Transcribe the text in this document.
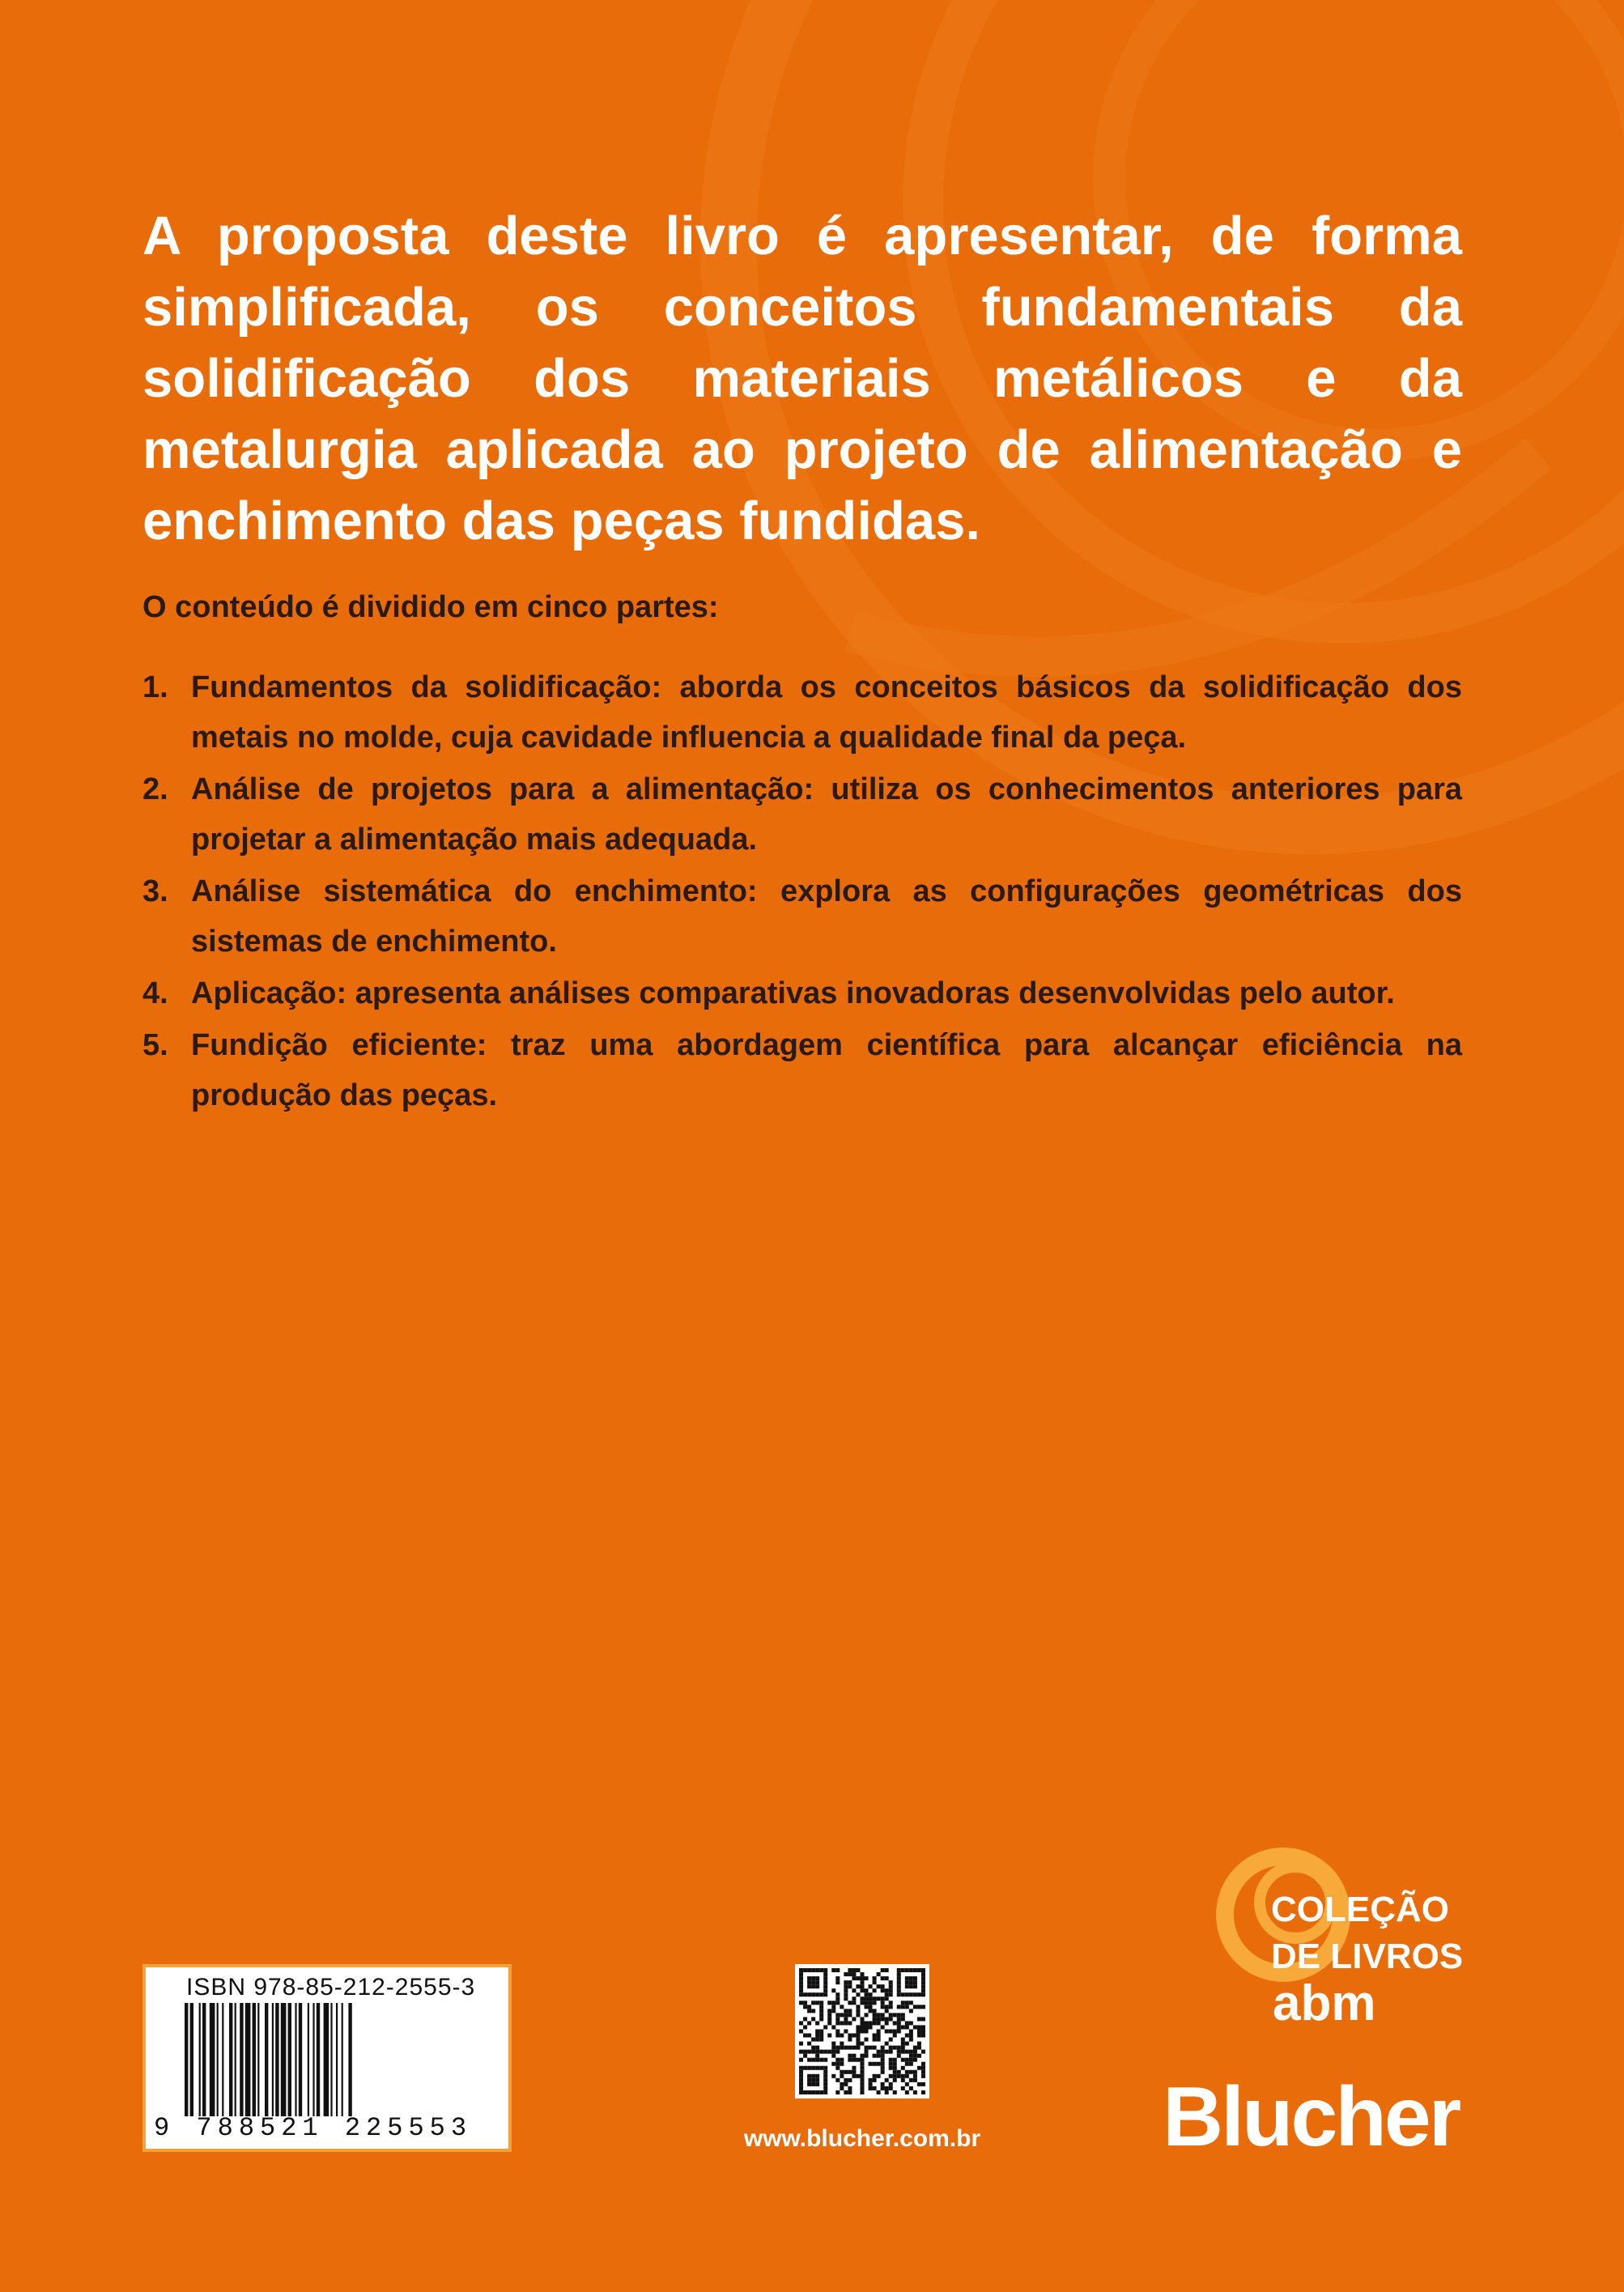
A proposta deste livro é apresentar, de forma simplificada, os conceitos fundamentais da solidificação dos materiais metálicos e da metalurgia aplicada ao projeto de alimentação e enchimento das peças fundidas.

O conteúdo é dividido em cinco partes:

1. Fundamentos da solidificação: aborda os conceitos básicos da solidificação dos metais no molde, cuja cavidade influencia a qualidade final da peça.
2. Análise de projetos para a alimentação: utiliza os conhecimentos anteriores para projetar a alimentação mais adequada.
3. Análise sistemática do enchimento: explora as configurações geométricas dos sistemas de enchimento.
4. Aplicação: apresenta análises comparativas inovadoras desenvolvidas pelo autor.
5. Fundição eficiente: traz uma abordagem científica para alcançar eficiência na produção das peças.
ISBN 978-85-212-2555-3
9 788521 225553	www.blucher.com.br
COLEÇÃO
DE LIVROS
abm
Blucher
